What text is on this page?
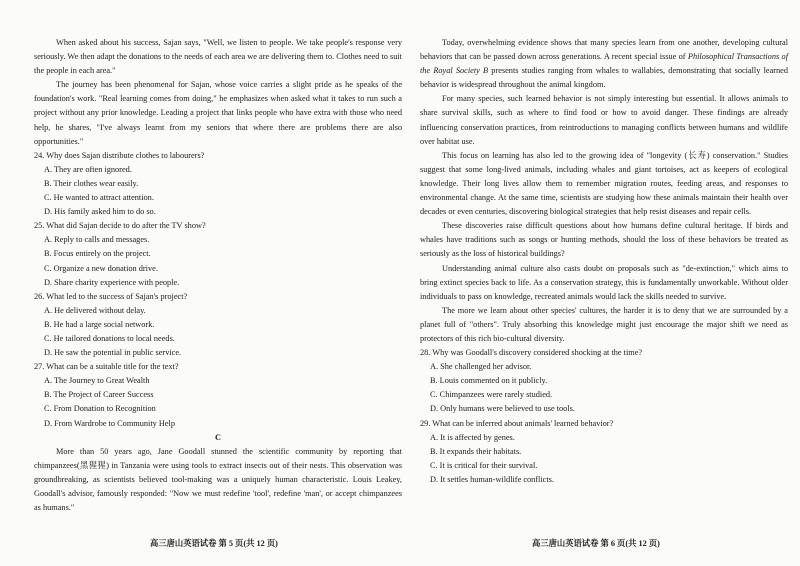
When asked about his success, Sajan says, "Well, we listen to people. We take people's response very seriously. We then adapt the donations to the needs of each area we are delivering them to. Clothes need to suit the people in each area."

The journey has been phenomenal for Sajan, whose voice carries a slight pride as he speaks of the foundation's work. "Real learning comes from doing," he emphasizes when asked what it takes to run such a project without any prior knowledge. Leading a project that links people who have extra with those who need help, he shares, "I've always learnt from my seniors that where there are problems there are also opportunities."

24. Why does Sajan distribute clothes to labourers?

A. They are often ignored.

B. Their clothes wear easily.

C. He wanted to attract attention.

D. His family asked him to do so.

25. What did Sajan decide to do after the TV show?

A. Reply to calls and messages.

B. Focus entirely on the project.

C. Organize a new donation drive.

D. Share charity experience with people.

26. What led to the success of Sajan's project?

A. He delivered without delay.

B. He had a large social network.

C. He tailored donations to local needs.

D. He saw the potential in public service.

27. What can be a suitable title for the text?

A. The Journey to Great Wealth

B. The Project of Career Success

C. From Donation to Recognition

D. From Wardrobe to Community Help

C

More than 50 years ago, Jane Goodall stunned the scientific community by reporting that chimpanzees(黑猩猩) in Tanzania were using tools to extract insects out of their nests. This observation was groundbreaking, as scientists believed tool-making was a uniquely human characteristic. Louis Leakey, Goodall's advisor, famously responded: "Now we must redefine 'tool', redefine 'man', or accept chimpanzees as humans."

Today, overwhelming evidence shows that many species learn from one another, developing cultural behaviors that can be passed down across generations. A recent special issue of Philosophical Transactions of the Royal Society B presents studies ranging from whales to wallabies, demonstrating that socially learned behavior is widespread throughout the animal kingdom.

For many species, such learned behavior is not simply interesting but essential. It allows animals to share survival skills, such as where to find food or how to avoid danger. These findings are already influencing conservation practices, from reintroductions to managing conflicts between humans and wildlife over habitat use.

This focus on learning has also led to the growing idea of "longevity (长寿) conservation." Studies suggest that some long-lived animals, including whales and giant tortoises, act as keepers of ecological knowledge. Their long lives allow them to remember migration routes, feeding areas, and responses to environmental change. At the same time, scientists are studying how these animals maintain their health over decades or even centuries, discovering biological strategies that help resist diseases and repair cells.

These discoveries raise difficult questions about how humans define cultural heritage. If birds and whales have traditions such as songs or hunting methods, should the loss of these behaviors be treated as seriously as the loss of historical buildings?

Understanding animal culture also casts doubt on proposals such as "de-extinction," which aims to bring extinct species back to life. As a conservation strategy, this is fundamentally unworkable. Without older individuals to pass on knowledge, recreated animals would lack the skills needed to survive.

The more we learn about other species' cultures, the harder it is to deny that we are surrounded by a planet full of "others". Truly absorbing this knowledge might just encourage the major shift we need as protectors of this rich bio-cultural diversity.

28. Why was Goodall's discovery considered shocking at the time?

A. She challenged her advisor.

B. Louis commented on it publicly.

C. Chimpanzees were rarely studied.

D. Only humans were believed to use tools.

29. What can be inferred about animals' learned behavior?

A. It is affected by genes.

B. It expands their habitats.

C. It is critical for their survival.

D. It settles human-wildlife conflicts.

高三唐山英语试卷 第 5 页(共 12 页)	高三唐山英语试卷 第 6 页(共 12 页)
